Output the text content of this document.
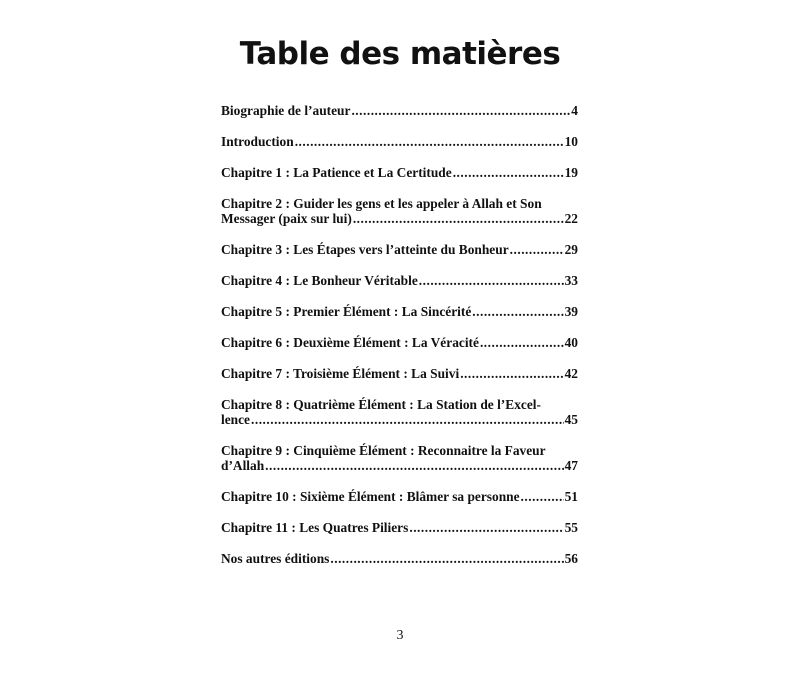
Table des matières
Biographie de l’auteur .....	4
Introduction .....	10
Chapitre 1 : La Patience et La Certitude .....	19
Chapitre 2 : Guider les gens et les appeler à Allah et Son
Messager (paix sur lui) .....	22
Chapitre 3 : Les Étapes vers l’atteinte du Bonheur .....	29
Chapitre 4 : Le Bonheur Véritable .....	33
Chapitre 5 : Premier Élément : La Sincérité .....	39
Chapitre 6 : Deuxième Élément : La Véracité .....	40
Chapitre 7 : Troisième Élément : La Suivi .....	42
Chapitre 8 : Quatrième Élément : La Station de l’Excel-
lence .....	45
Chapitre 9 : Cinquième Élément : Reconnaitre la Faveur
d’Allah .....	47
Chapitre 10 : Sixième Élément : Blâmer sa personne .....	51
Chapitre 11 : Les Quatres Piliers .....	55
Nos autres éditions .....	56
3
